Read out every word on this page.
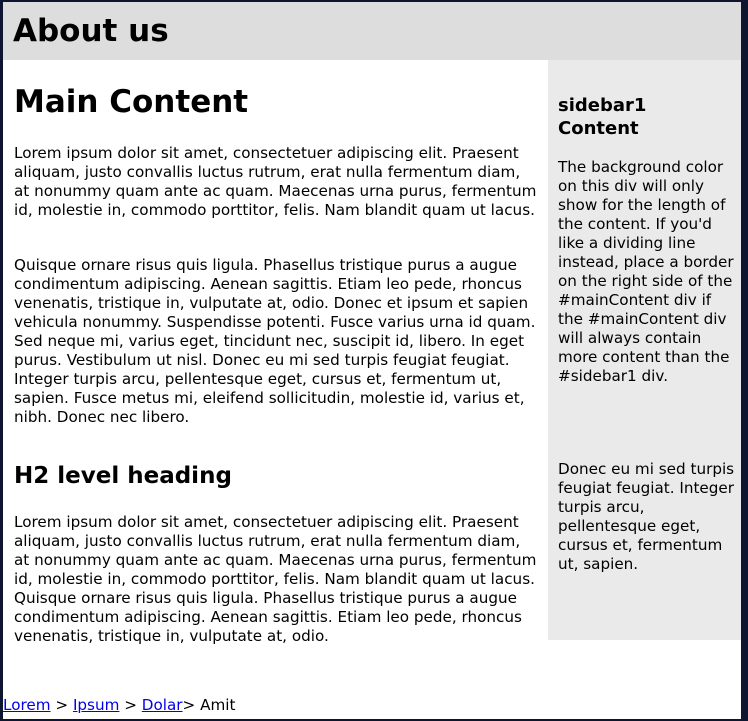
About us
Main Content

Lorem ipsum dolor sit amet, consectetuer adipiscing elit. Praesent aliquam, justo convallis luctus rutrum, erat nulla fermentum diam, at nonummy quam ante ac quam. Maecenas urna purus, fermentum id, molestie in, commodo porttitor, felis. Nam blandit quam ut lacus.

Quisque ornare risus quis ligula. Phasellus tristique purus a augue condimentum adipiscing. Aenean sagittis. Etiam leo pede, rhoncus venenatis, tristique in, vulputate at, odio. Donec et ipsum et sapien vehicula nonummy. Suspendisse potenti. Fusce varius urna id quam. Sed neque mi, varius eget, tincidunt nec, suscipit id, libero. In eget purus. Vestibulum ut nisl. Donec eu mi sed turpis feugiat feugiat. Integer turpis arcu, pellentesque eget, cursus et, fermentum ut, sapien. Fusce metus mi, eleifend sollicitudin, molestie id, varius et, nibh. Donec nec libero.

H2 level heading

Lorem ipsum dolor sit amet, consectetuer adipiscing elit. Praesent aliquam, justo convallis luctus rutrum, erat nulla fermentum diam, at nonummy quam ante ac quam. Maecenas urna purus, fermentum id, molestie in, commodo porttitor, felis. Nam blandit quam ut lacus. Quisque ornare risus quis ligula. Phasellus tristique purus a augue condimentum adipiscing. Aenean sagittis. Etiam leo pede, rhoncus venenatis, tristique in, vulputate at, odio.

sidebar1 Content

The background color on this div will only show for the length of the content. If you'd like a dividing line instead, place a border on the right side of the #mainContent div if the #mainContent div will always contain more content than the #sidebar1 div.

Donec eu mi sed turpis feugiat feugiat. Integer turpis arcu, pellentesque eget, cursus et, fermentum ut, sapien.

Lorem > Ipsum > Dolar> Amit
